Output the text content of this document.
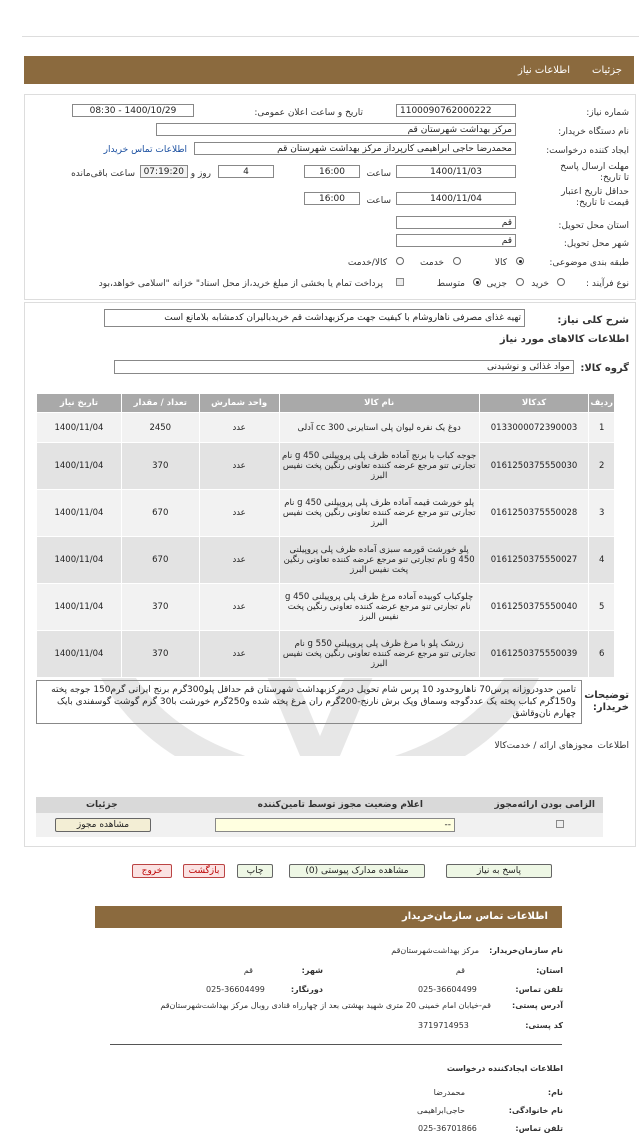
جزئیات
اطلاعات نیاز
شماره نیاز:
1100090762000222
تاریخ و ساعت اعلان عمومی:
1400/10/29 - 08:30
نام دستگاه خریدار:
مرکز بهداشت شهرستان قم
ایجاد کننده درخواست:
محمدرضا حاجی ابراهیمی کارپرداز مرکز بهداشت شهرستان قم
اطلاعات تماس خریدار
مهلت ارسال پاسخ تا تاریخ:
1400/11/03
ساعت
16:00
4
روز و
07:19:20
ساعت باقی‌مانده
حداقل تاریخ اعتبار قیمت تا تاریخ:
1400/11/04
ساعت
16:00
استان محل تحویل:
قم
شهر محل تحویل:
قم
طبقه بندی موضوعی:
کالا
خدمت
کالا/خدمت
نوع فرآیند :
خرید
جزیی
متوسط
پرداخت تمام یا بخشی از مبلغ خرید،از محل اسناد" خزانه "اسلامی خواهد،بود
شرح کلی نیاز:
تهیه غذای مصرفی ناهاروشام با کیفیت جهت مرکزبهداشت قم خریدبالیران کدمشابه بلامانع است
اطلاعات کالاهای مورد نیاز
گروه کالا:
مواد غذائی و نوشیدنی
ردیف	کدکالا	نام کالا	واحد شمارش	تعداد / مقدار	تاریخ نیاز
1	0133000072390003	دوغ یک نفره لیوان پلی استایرنی 300 cc آدلی	عدد	2450	1400/11/04
2	0161250375550030	جوجه کباب با برنج آماده ظرف پلی پروپیلنی 450 g نام تجارتی تنو مرجع عرضه کننده تعاونی رنگین پخت نفیس البرز	عدد	370	1400/11/04
3	0161250375550028	پلو خورشت قیمه آماده ظرف پلی پروپیلنی 450 g نام تجارتی تنو مرجع عرضه کننده تعاونی رنگین پخت نفیس البرز	عدد	670	1400/11/04
4	0161250375550027	پلو خورشت قورمه سبزی آماده ظرف پلی پروپیلنی 450 g نام تجارتی تنو مرجع عرضه کننده تعاونی رنگین پخت نفیس البرز	عدد	670	1400/11/04
5	0161250375550040	چلوکباب کوبیده آماده مرغ ظرف پلی پروپیلنی 450 g نام تجارتی تنو مرجع عرضه کننده تعاونی رنگین پخت نفیس البرز	عدد	370	1400/11/04
6	0161250375550039	زرشک پلو با مرغ ظرف پلی پروپیلنی 550 g نام تجارتی تنو مرجع عرضه کننده تعاونی رنگین پخت نفیس البرز	عدد	370	1400/11/04
توضیحات خریدار:
تامین حدودروزانه پرس70 ناهاروحدود 10 پرس شام تحویل درمرکزبهداشت شهرستان قم حداقل پلو300گرم برنج ایرانی گرم150 جوجه پخته و150گرم کباب پخته یک عددگوجه وسماق وپک برش نارنج-200گرم ران مرغ پخته شده و250گرم خورشت با30 گرم گوشت گوسفندی بایک چهارم نان‌وقاشق
اطلاعات
مجوزهای ارائه / خدمت‌کالا
الزامی بودن ارائه‌مجوز
اعلام وضعیت مجوز توسط تامین‌کننده
جزئیات
--
مشاهده مجوز
پاسخ به نیاز
مشاهده مدارک پیوستی (0)
چاپ
بازگشت
خروج
اطلاعات تماس سازمان‌خریدار
نام سازمان‌خریدار:
مرکز بهداشت‌شهرستان‌قم
استان:
قم
شهر:
قم
تلفن تماس:
025-36604499
دورنگار:
025-36604499
آدرس پستی:
قم-خیابان امام خمینی 20 متری شهید بهشتی بعد از چهارراه قنادی روبال مرکز بهداشت‌شهرستان‌قم
کد پستی:
3719714953
اطلاعات ایجادکننده درخواست
نام:
محمدرضا
نام خانوادگی:
حاجی‌ابراهیمی
تلفن تماس:
025-36701866
